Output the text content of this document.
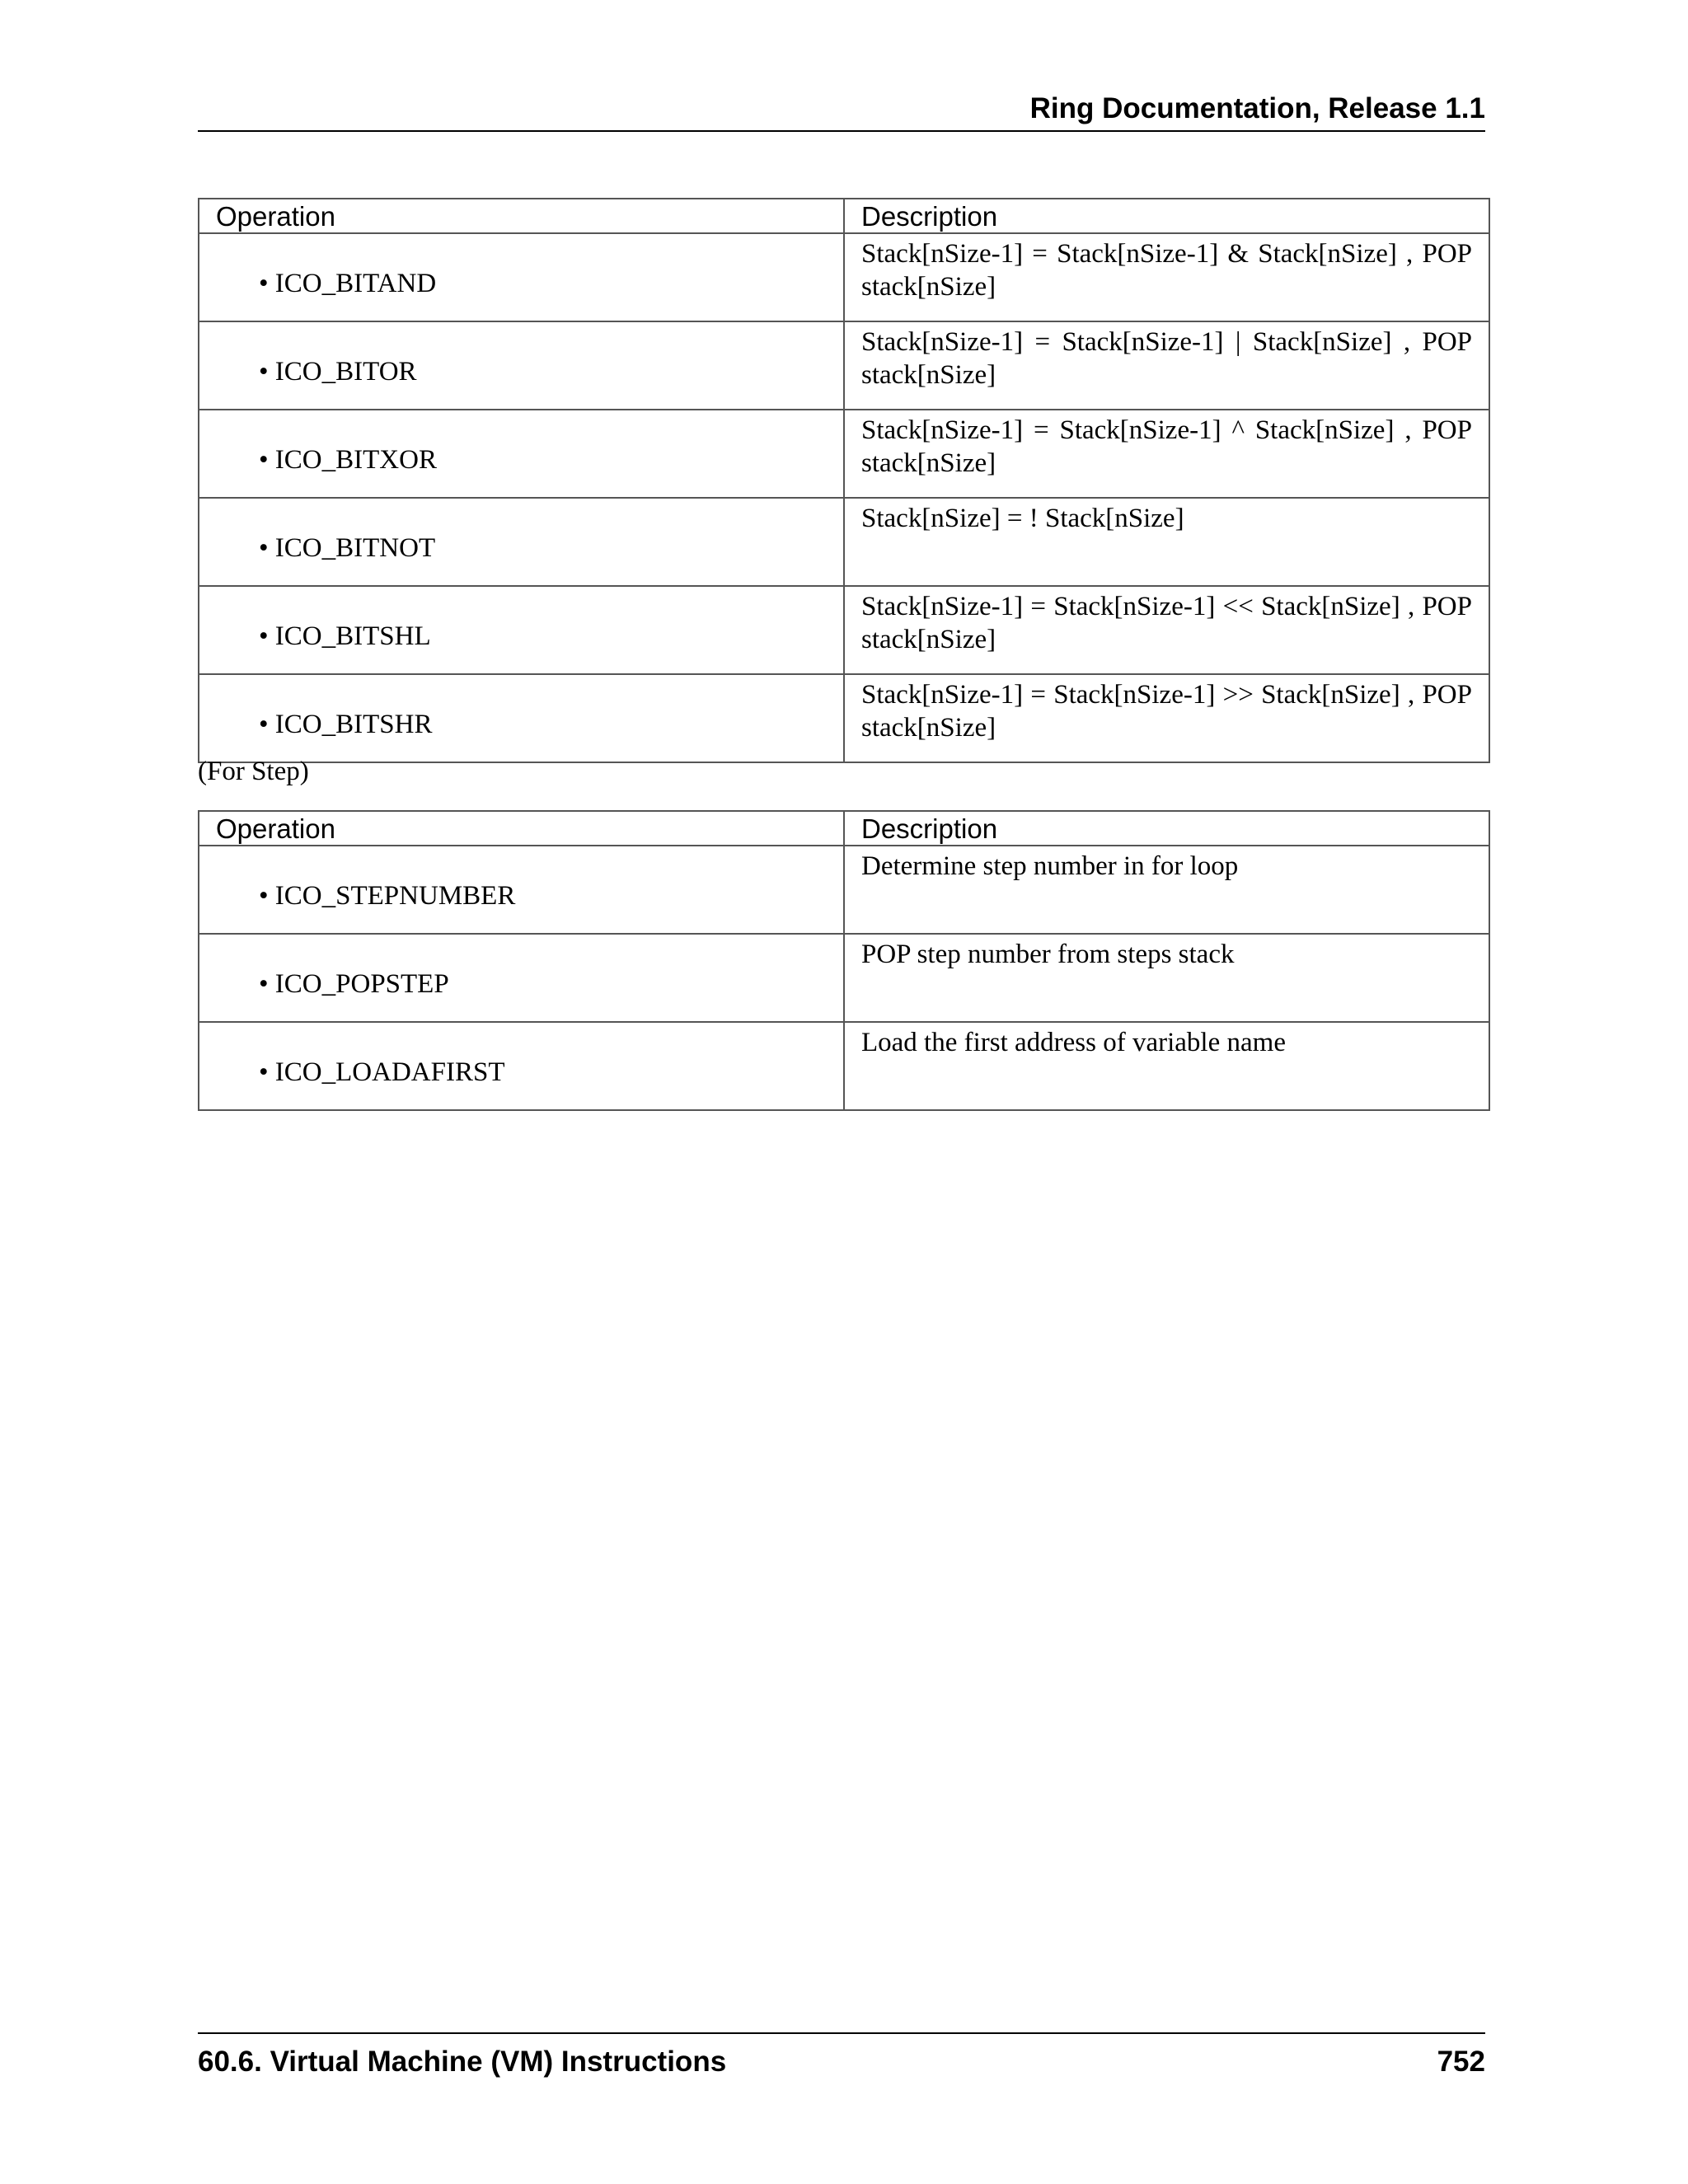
Ring Documentation, Release 1.1
Operation	Description

• ICO_BITAND	Stack[nSize-1] = Stack[nSize-1] & Stack[nSize] , POP stack[nSize]

• ICO_BITOR	Stack[nSize-1] = Stack[nSize-1] | Stack[nSize] , POP stack[nSize]

• ICO_BITXOR	Stack[nSize-1] = Stack[nSize-1] ^ Stack[nSize] , POP stack[nSize]

• ICO_BITNOT	Stack[nSize] = ! Stack[nSize]

• ICO_BITSHL	Stack[nSize-1] = Stack[nSize-1] << Stack[nSize] , POP stack[nSize]

• ICO_BITSHR	Stack[nSize-1] = Stack[nSize-1] >> Stack[nSize] , POP stack[nSize]
(For Step)
Operation	Description

• ICO_STEPNUMBER	Determine step number in for loop

• ICO_POPSTEP	POP step number from steps stack

• ICO_LOADAFIRST	Load the first address of variable name
60.6. Virtual Machine (VM) Instructions	752
